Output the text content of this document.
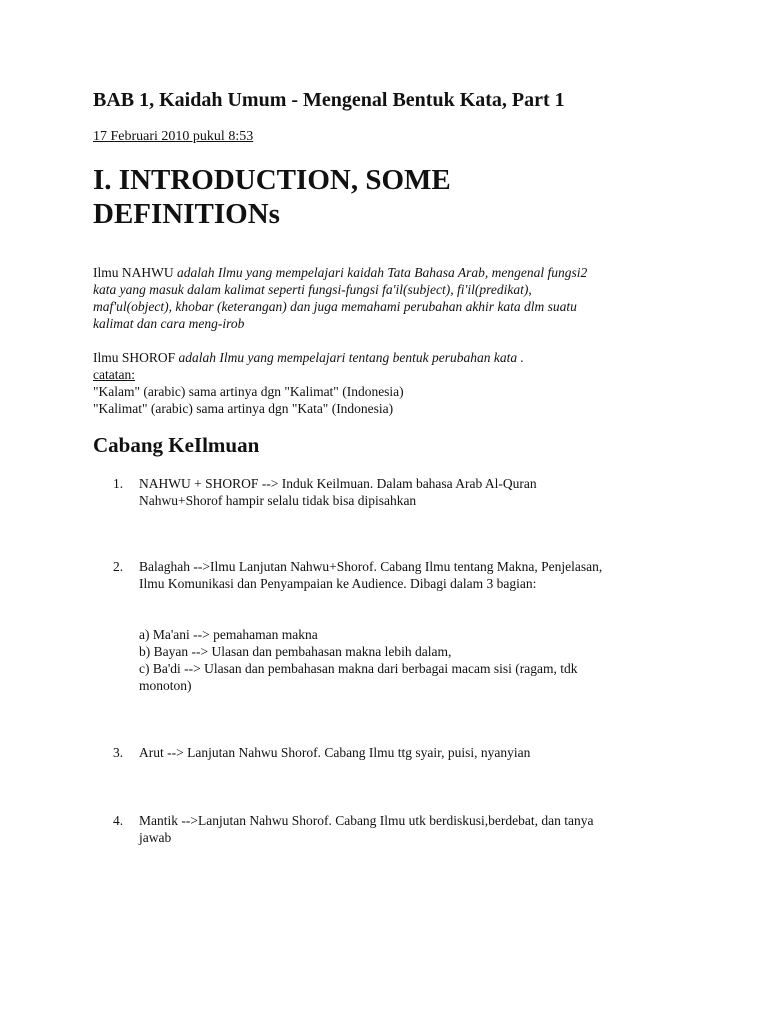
BAB 1, Kaidah Umum - Mengenal Bentuk Kata, Part 1
17 Februari 2010 pukul 8:53
I. INTRODUCTION, SOME
DEFINITIONs

Ilmu NAHWU adalah Ilmu yang mempelajari kaidah Tata Bahasa Arab, mengenal fungsi2
kata yang masuk dalam kalimat seperti fungsi-fungsi fa'il(subject), fi'il(predikat),
maf'ul(object), khobar (keterangan) dan juga memahami perubahan akhir kata dlm suatu
kalimat dan cara meng-irob

Ilmu SHOROF adalah Ilmu yang mempelajari tentang bentuk perubahan kata .
catatan:
"Kalam" (arabic) sama artinya dgn "Kalimat" (Indonesia)
"Kalimat" (arabic) sama artinya dgn "Kata" (Indonesia)

Cabang KeIlmuan
1.	NAHWU + SHOROF --> Induk Keilmuan. Dalam bahasa Arab Al-Quran
Nahwu+Shorof hampir selalu tidak bisa dipisahkan
2.	Balaghah -->Ilmu Lanjutan Nahwu+Shorof. Cabang Ilmu tentang Makna, Penjelasan,
Ilmu Komunikasi dan Penyampaian ke Audience. Dibagi dalam 3 bagian:
a) Ma'ani --> pemahaman makna
b) Bayan --> Ulasan dan pembahasan makna lebih dalam,
c) Ba'di --> Ulasan dan pembahasan makna dari berbagai macam sisi (ragam, tdk
monoton)
3.	Arut --> Lanjutan Nahwu Shorof. Cabang Ilmu ttg syair, puisi, nyanyian
4.	Mantik -->Lanjutan Nahwu Shorof. Cabang Ilmu utk berdiskusi,berdebat, dan tanya
jawab
